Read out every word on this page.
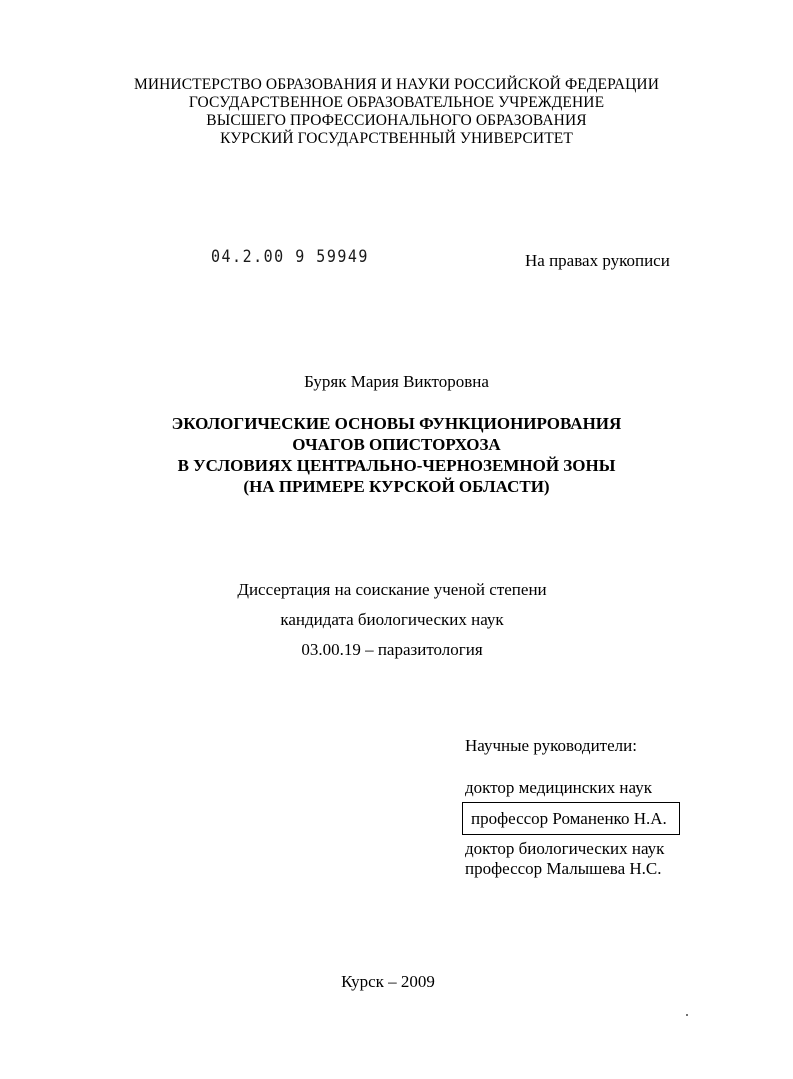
МИНИСТЕРСТВО ОБРАЗОВАНИЯ И НАУКИ РОССИЙСКОЙ ФЕДЕРАЦИИ
ГОСУДАРСТВЕННОЕ ОБРАЗОВАТЕЛЬНОЕ УЧРЕЖДЕНИЕ
ВЫСШЕГО ПРОФЕССИОНАЛЬНОГО ОБРАЗОВАНИЯ
КУРСКИЙ ГОСУДАРСТВЕННЫЙ УНИВЕРСИТЕТ
04.2.00 9 59949	На правах рукописи
Буряк Мария Викторовна
ЭКОЛОГИЧЕСКИЕ ОСНОВЫ ФУНКЦИОНИРОВАНИЯ
ОЧАГОВ ОПИСТОРХОЗА
В УСЛОВИЯХ ЦЕНТРАЛЬНО-ЧЕРНОЗЕМНОЙ ЗОНЫ
(НА ПРИМЕРЕ КУРСКОЙ ОБЛАСТИ)
Диссертация на соискание ученой степени
кандидата биологических наук
03.00.19 – паразитология
Научные руководители:
доктор медицинских наук
профессор Романенко Н.А.
доктор биологических наук
профессор Малышева Н.С.
Курск – 2009
